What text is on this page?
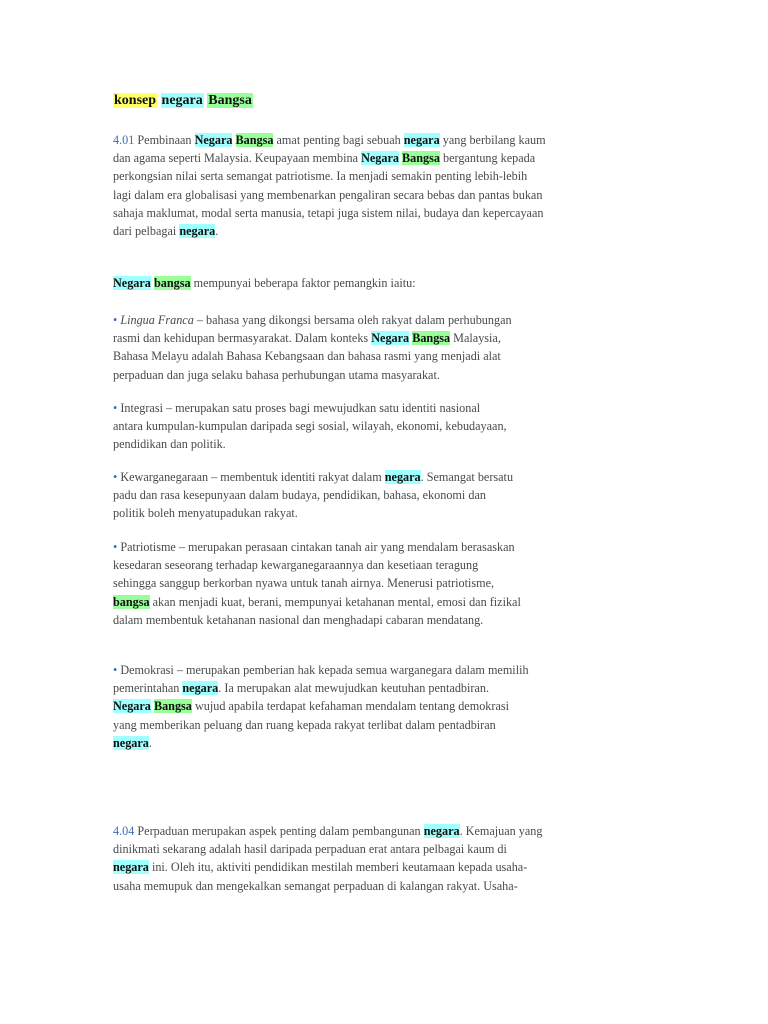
konsep negara Bangsa
4.01 Pembinaan Negara Bangsa amat penting bagi sebuah negara yang berbilang kaum
dan agama seperti Malaysia. Keupayaan membina Negara Bangsa bergantung kepada
perkongsian nilai serta semangat patriotisme. Ia menjadi semakin penting lebih-lebih
lagi dalam era globalisasi yang membenarkan pengaliran secara bebas dan pantas bukan
sahaja maklumat, modal serta manusia, tetapi juga sistem nilai, budaya dan kepercayaan
dari pelbagai negara.
Negara bangsa mempunyai beberapa faktor pemangkin iaitu:
• Lingua Franca – bahasa yang dikongsi bersama oleh rakyat dalam perhubungan
rasmi dan kehidupan bermasyarakat. Dalam konteks Negara Bangsa Malaysia,
Bahasa Melayu adalah Bahasa Kebangsaan dan bahasa rasmi yang menjadi alat
perpaduan dan juga selaku bahasa perhubungan utama masyarakat.
• Integrasi – merupakan satu proses bagi mewujudkan satu identiti nasional
antara kumpulan-kumpulan daripada segi sosial, wilayah, ekonomi, kebudayaan,
pendidikan dan politik.
• Kewarganegaraan – membentuk identiti rakyat dalam negara. Semangat bersatu
padu dan rasa kesepunyaan dalam budaya, pendidikan, bahasa, ekonomi dan
politik boleh menyatupadukan rakyat.
• Patriotisme – merupakan perasaan cintakan tanah air yang mendalam berasaskan
kesedaran seseorang terhadap kewarganegaraannya dan kesetiaan teragung
sehingga sanggup berkorban nyawa untuk tanah airnya. Menerusi patriotisme,
bangsa akan menjadi kuat, berani, mempunyai ketahanan mental, emosi dan fizikal
dalam membentuk ketahanan nasional dan menghadapi cabaran mendatang.
• Demokrasi – merupakan pemberian hak kepada semua warganegara dalam memilih
pemerintahan negara. Ia merupakan alat mewujudkan keutuhan pentadbiran.
Negara Bangsa wujud apabila terdapat kefahaman mendalam tentang demokrasi
yang memberikan peluang dan ruang kepada rakyat terlibat dalam pentadbiran
negara.
4.04 Perpaduan merupakan aspek penting dalam pembangunan negara. Kemajuan yang
dinikmati sekarang adalah hasil daripada perpaduan erat antara pelbagai kaum di
negara ini. Oleh itu, aktiviti pendidikan mestilah memberi keutamaan kepada usaha-
usaha memupuk dan mengekalkan semangat perpaduan di kalangan rakyat. Usaha-
